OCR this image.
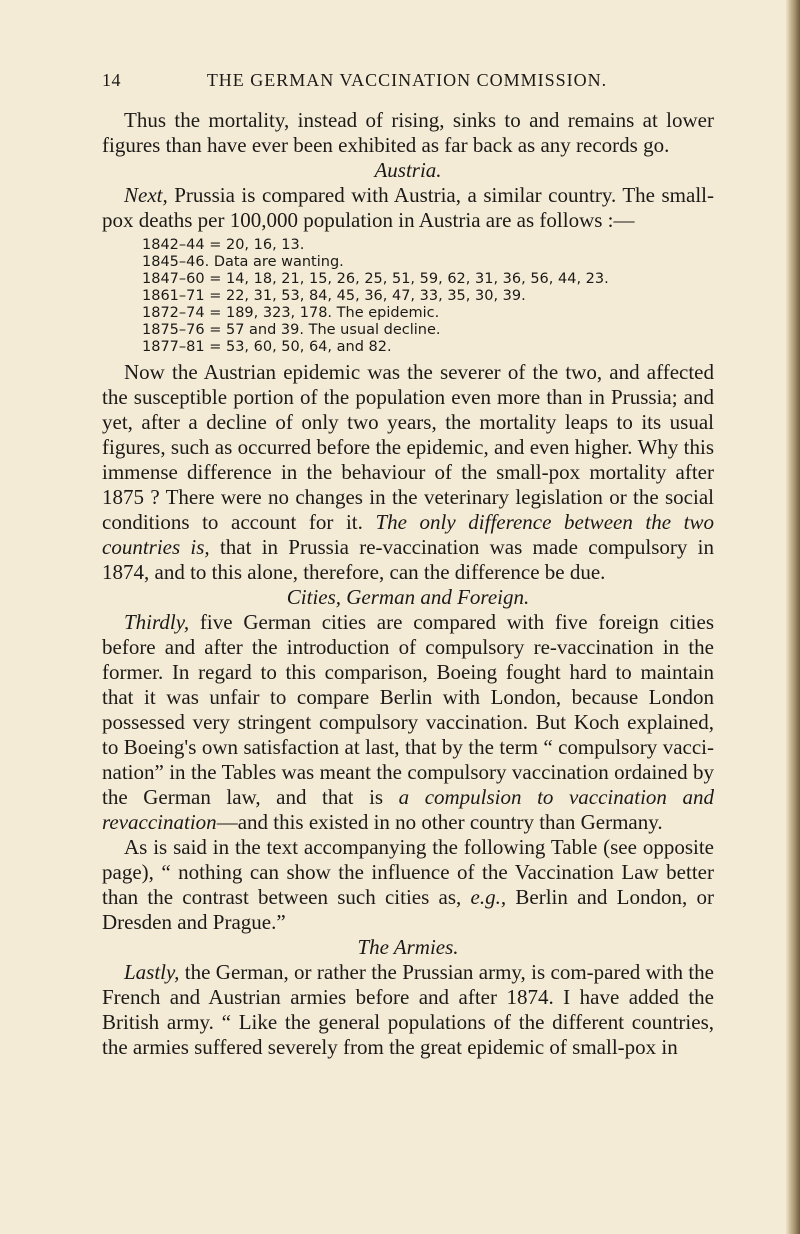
14	THE GERMAN VACCINATION COMMISSION.

Thus the mortality, instead of rising, sinks to and remains at lower figures than have ever been exhibited as far back as any records go.

Austria.

Next, Prussia is compared with Austria, a similar country. The small-pox deaths per 100,000 population in Austria are as follows :—

1842–44 = 20, 16, 13.
1845–46. Data are wanting.
1847–60 = 14, 18, 21, 15, 26, 25, 51, 59, 62, 31, 36, 56, 44, 23.
1861–71 = 22, 31, 53, 84, 45, 36, 47, 33, 35, 30, 39.
1872–74 = 189, 323, 178. The epidemic.
1875–76 = 57 and 39. The usual decline.
1877–81 = 53, 60, 50, 64, and 82.

Now the Austrian epidemic was the severer of the two, and affected the susceptible portion of the population even more than in Prussia; and yet, after a decline of only two years, the mortality leaps to its usual figures, such as occurred before the epidemic, and even higher. Why this immense difference in the behaviour of the small-pox mortality after 1875 ? There were no changes in the veterinary legislation or the social conditions to account for it. The only difference between the two countries is, that in Prussia re-vaccination was made compulsory in 1874, and to this alone, therefore, can the difference be due.

Cities, German and Foreign.

Thirdly, five German cities are compared with five foreign cities before and after the introduction of compulsory re-vaccination in the former. In regard to this comparison, Boeing fought hard to maintain that it was unfair to compare Berlin with London, because London possessed very stringent compulsory vaccination. But Koch explained, to Boeing's own satisfaction at last, that by the term “ compulsory vacci-nation” in the Tables was meant the compulsory vaccination ordained by the German law, and that is a compulsion to vaccination and revaccination—and this existed in no other country than Germany.

As is said in the text accompanying the following Table (see opposite page), “ nothing can show the influence of the Vaccination Law better than the contrast between such cities as, e.g., Berlin and London, or Dresden and Prague.”

The Armies.

Lastly, the German, or rather the Prussian army, is com-pared with the French and Austrian armies before and after 1874. I have added the British army. “ Like the general populations of the different countries, the armies suffered severely from the great epidemic of small-pox in
